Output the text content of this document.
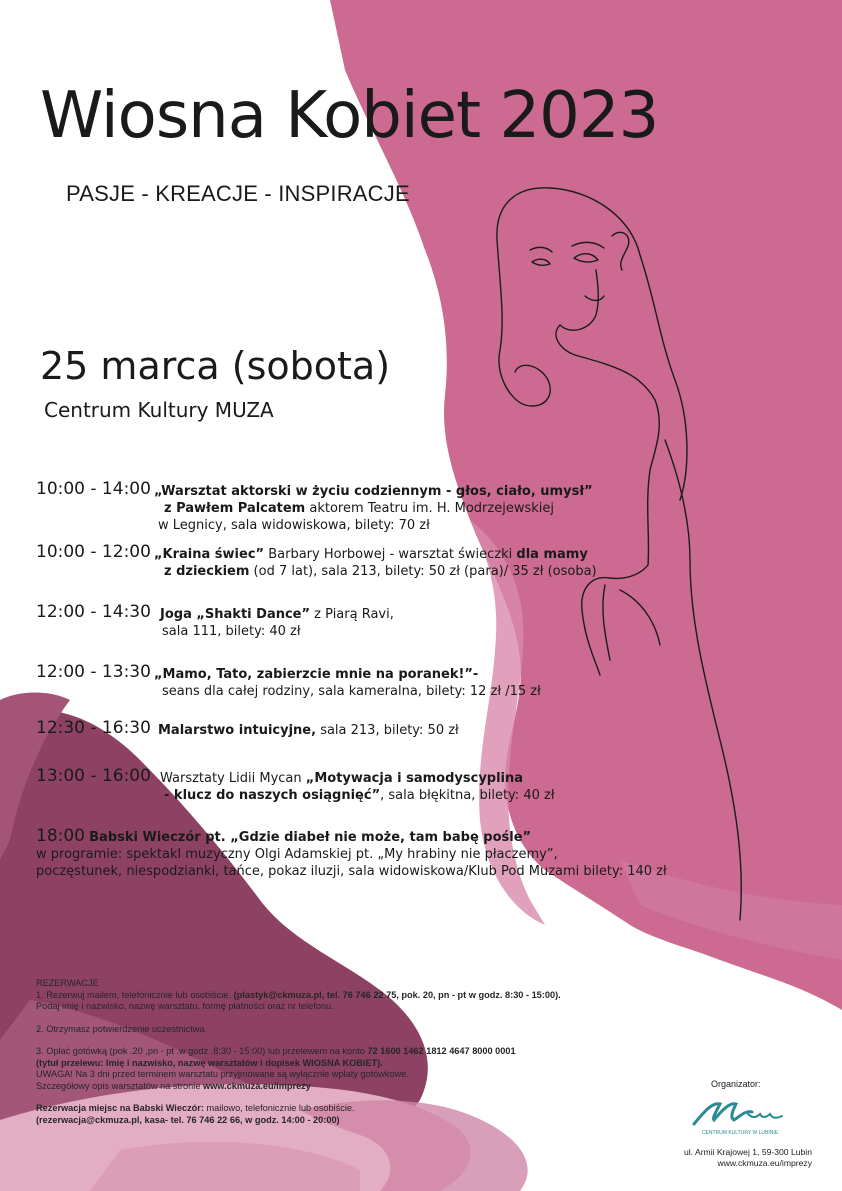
Wiosna Kobiet 2023
PASJE - KREACJE - INSPIRACJE
25 marca (sobota)
Centrum Kultury MUZA
10:00 - 14:00 „Warsztat aktorski w życiu codziennym - głos, ciało, umysł”
z Pawłem Palcatem aktorem Teatru im. H. Modrzejewskiej
w Legnicy, sala widowiskowa, bilety: 70 zł
10:00 - 12:00 „Kraina świec” Barbary Horbowej - warsztat świeczki dla mamy
z dzieckiem (od 7 lat), sala 213, bilety: 50 zł (para)/ 35 zł (osoba)
12:00 - 14:30 Joga „Shakti Dance” z Piarą Ravi,
sala 111, bilety: 40 zł
12:00 - 13:30 „Mamo, Tato, zabierzcie mnie na poranek!”-
seans dla całej rodziny, sala kameralna, bilety: 12 zł /15 zł
12:30 - 16:30 Malarstwo intuicyjne, sala 213, bilety: 50 zł
13:00 - 16:00 Warsztaty Lidii Mycan „Motywacja i samodyscyplina
- klucz do naszych osiągnięć”, sala błękitna, bilety: 40 zł
18:00 Babski Wieczór pt. „Gdzie diabeł nie może, tam babę pośle”
w programie: spektakl muzyczny Olgi Adamskiej pt. „My hrabiny nie płaczemy”,
poczęstunek, niespodzianki, tańce, pokaz iluzji, sala widowiskowa/Klub Pod Muzami bilety: 140 zł

REZERWACJE

1. Rezerwuj mailem, telefonicznie lub osobiście. (plastyk@ckmuza.pl, tel. 76 746 22 75, pok. 20, pn - pt w godz. 8:30 - 15:00).

Podaj imię i nazwisko, nazwę warsztatu, formę płatności oraz nr telefonu.

2. Otrzymasz potwierdzenie uczestnictwa.

3. Opłać gotówką (pok .20 ,pn - pt .w godz .8:30 - 15:00) lub przelewem na konto 72 1600 1462 1812 4647 8000 0001

(tytuł przelewu: Imię i nazwisko, nazwę warsztatów i dopisek WIOSNA KOBIET).

UWAGA! Na 3 dni przed terminem warsztatu przyjmowane są wyłącznie wpłaty gotówkowe.

Szczegółowy opis warsztatów na stronie www.ckmuza.eu/imprezy

Rezerwacja miejsc na Babski Wieczór: mailowo, telefonicznie lub osobiście.

(rezerwacja@ckmuza.pl, kasa- tel. 76 746 22 66, w godz. 14:00 - 20:00)

Organizator:
CENTRUM KULTURY W LUBINIE
ul. Armii Krajowej 1, 59-300 Lubin
www.ckmuza.eu/imprezy
